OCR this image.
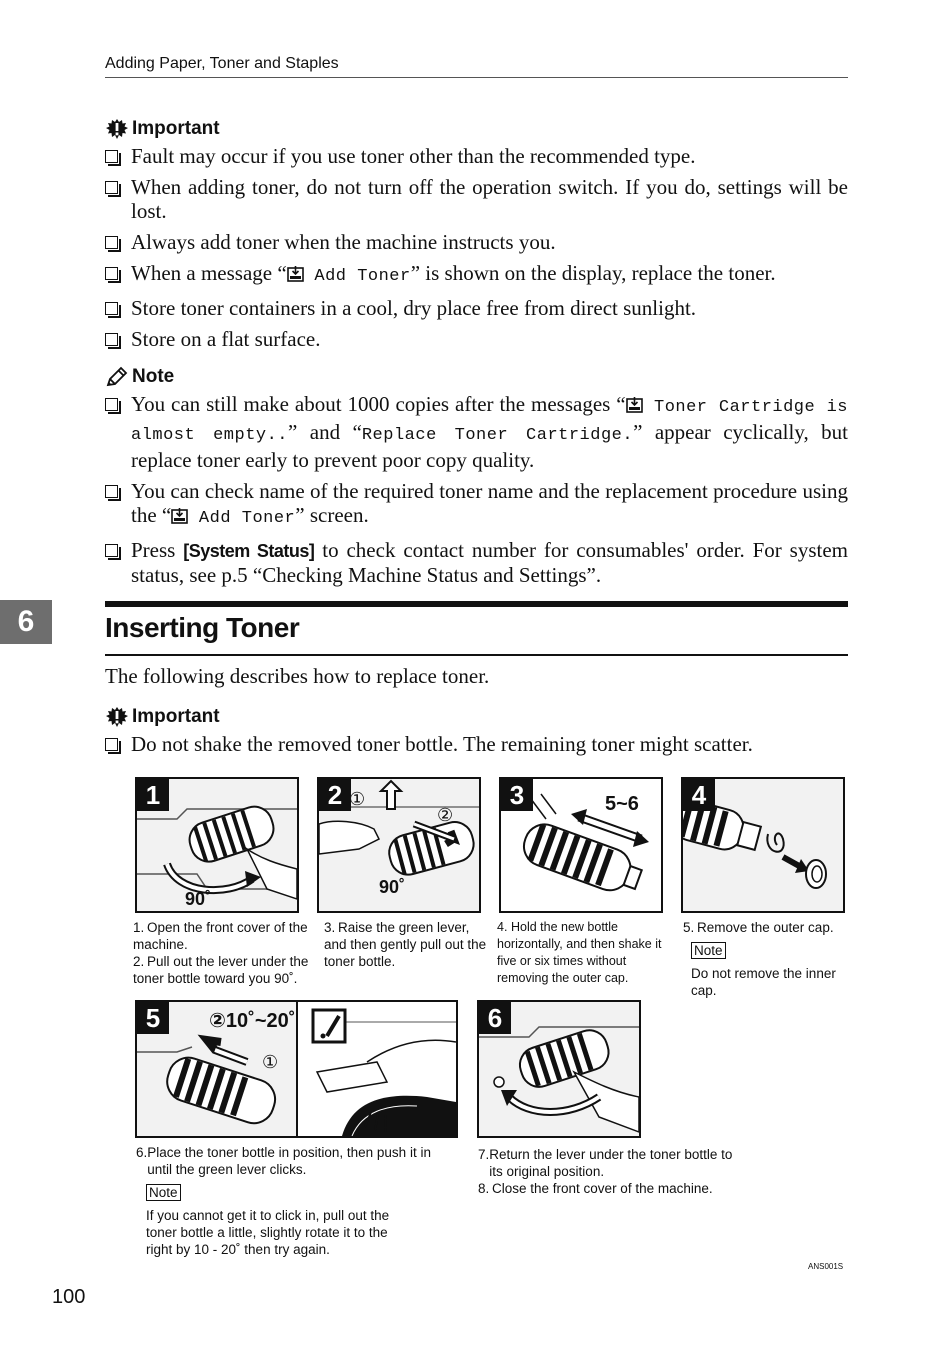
Adding Paper, Toner and Staples
Important
Fault may occur if you use toner other than the recommended type.
When adding toner, do not turn off the operation switch. If you do, settings will be lost.
Always add toner when the machine instructs you.
When a message “ Add Toner” is shown on the display, replace the toner.
Store toner containers in a cool, dry place free from direct sunlight.
Store on a flat surface.
Note
You can still make about 1000 copies after the messages “ Toner Cartridge is almost empty..” and “Replace Toner Cartridge.” appear cyclically, but replace toner early to prevent poor copy quality.
You can check name of the required toner name and the replacement procedure using the “ Add Toner” screen.
Press [System Status] to check contact number for consumables' order. For system status, see p.5 “Checking Machine Status and Settings”.
6	Inserting Toner
The following describes how to replace toner.
Important
Do not shake the removed toner bottle. The remaining toner might scatter.
1
90˚
2 ①
②
90˚
3	5~6	4
1. Open the front cover of the machine.
2. Pull out the lever under the toner bottle toward you 90˚.
3. Raise the green lever, and then gently pull out the toner bottle.
4. Hold the new bottle horizontally, and then shake it five or six times without removing the outer cap.
5. Remove the outer cap.
Note
Do not remove the inner cap.
5	②10˚~20˚
①
6
6. Place the toner bottle in position, then push it in until the green lever clicks.
Note
If you cannot get it to click in, pull out the toner bottle a little, slightly rotate it to the right by 10 - 20˚ then try again.
7. Return the lever under the toner bottle to its original position.
8. Close the front cover of the machine.
ANS001S
100
